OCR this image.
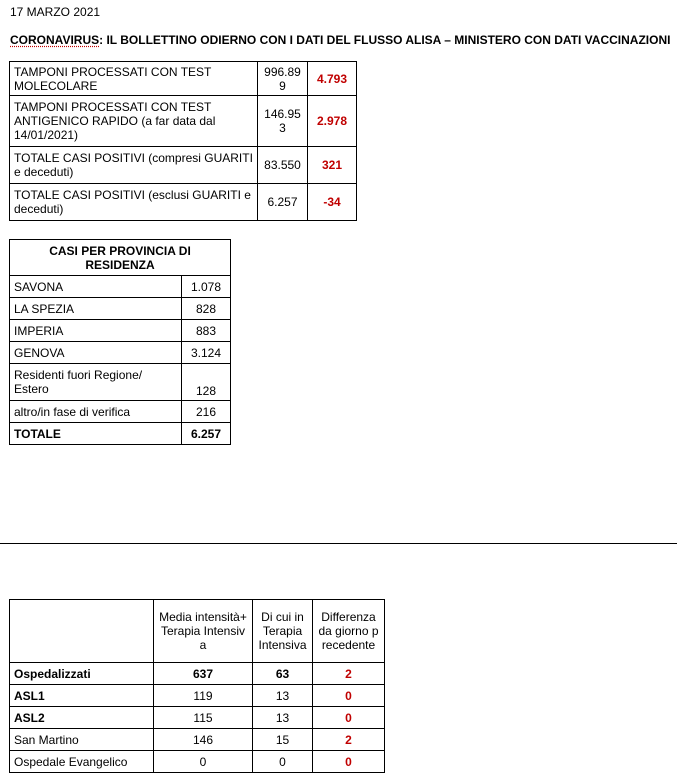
17 MARZO 2021
CORONAVIRUS: IL BOLLETTINO ODIERNO CON I DATI DEL FLUSSO ALISA – MINISTERO CON DATI VACCINAZIONI
TAMPONI PROCESSATI CON TEST MOLECOLARE	996.899	4.793
TAMPONI PROCESSATI CON TEST ANTIGENICO RAPIDO (a far data dal 14/01/2021)	146.953	2.978
TOTALE CASI POSITIVI (compresi GUARITI e deceduti)	83.550	321
TOTALE CASI POSITIVI (esclusi GUARITI e deceduti)	6.257	-34
CASI PER PROVINCIA DI RESIDENZA	
SAVONA	1.078
LA SPEZIA	828
IMPERIA	883
GENOVA	3.124
Residenti fuori Regione/ Estero	128
altro/in fase di verifica	216
TOTALE	6.257
	Media intensità+Terapia Intensiva	Di cui in Terapia Intensiva	Differenza da giorno precedente
Ospedalizzati	637	63	2
ASL1	119	13	0
ASL2	115	13	0
San Martino	146	15	2
Ospedale Evangelico	0	0	0
